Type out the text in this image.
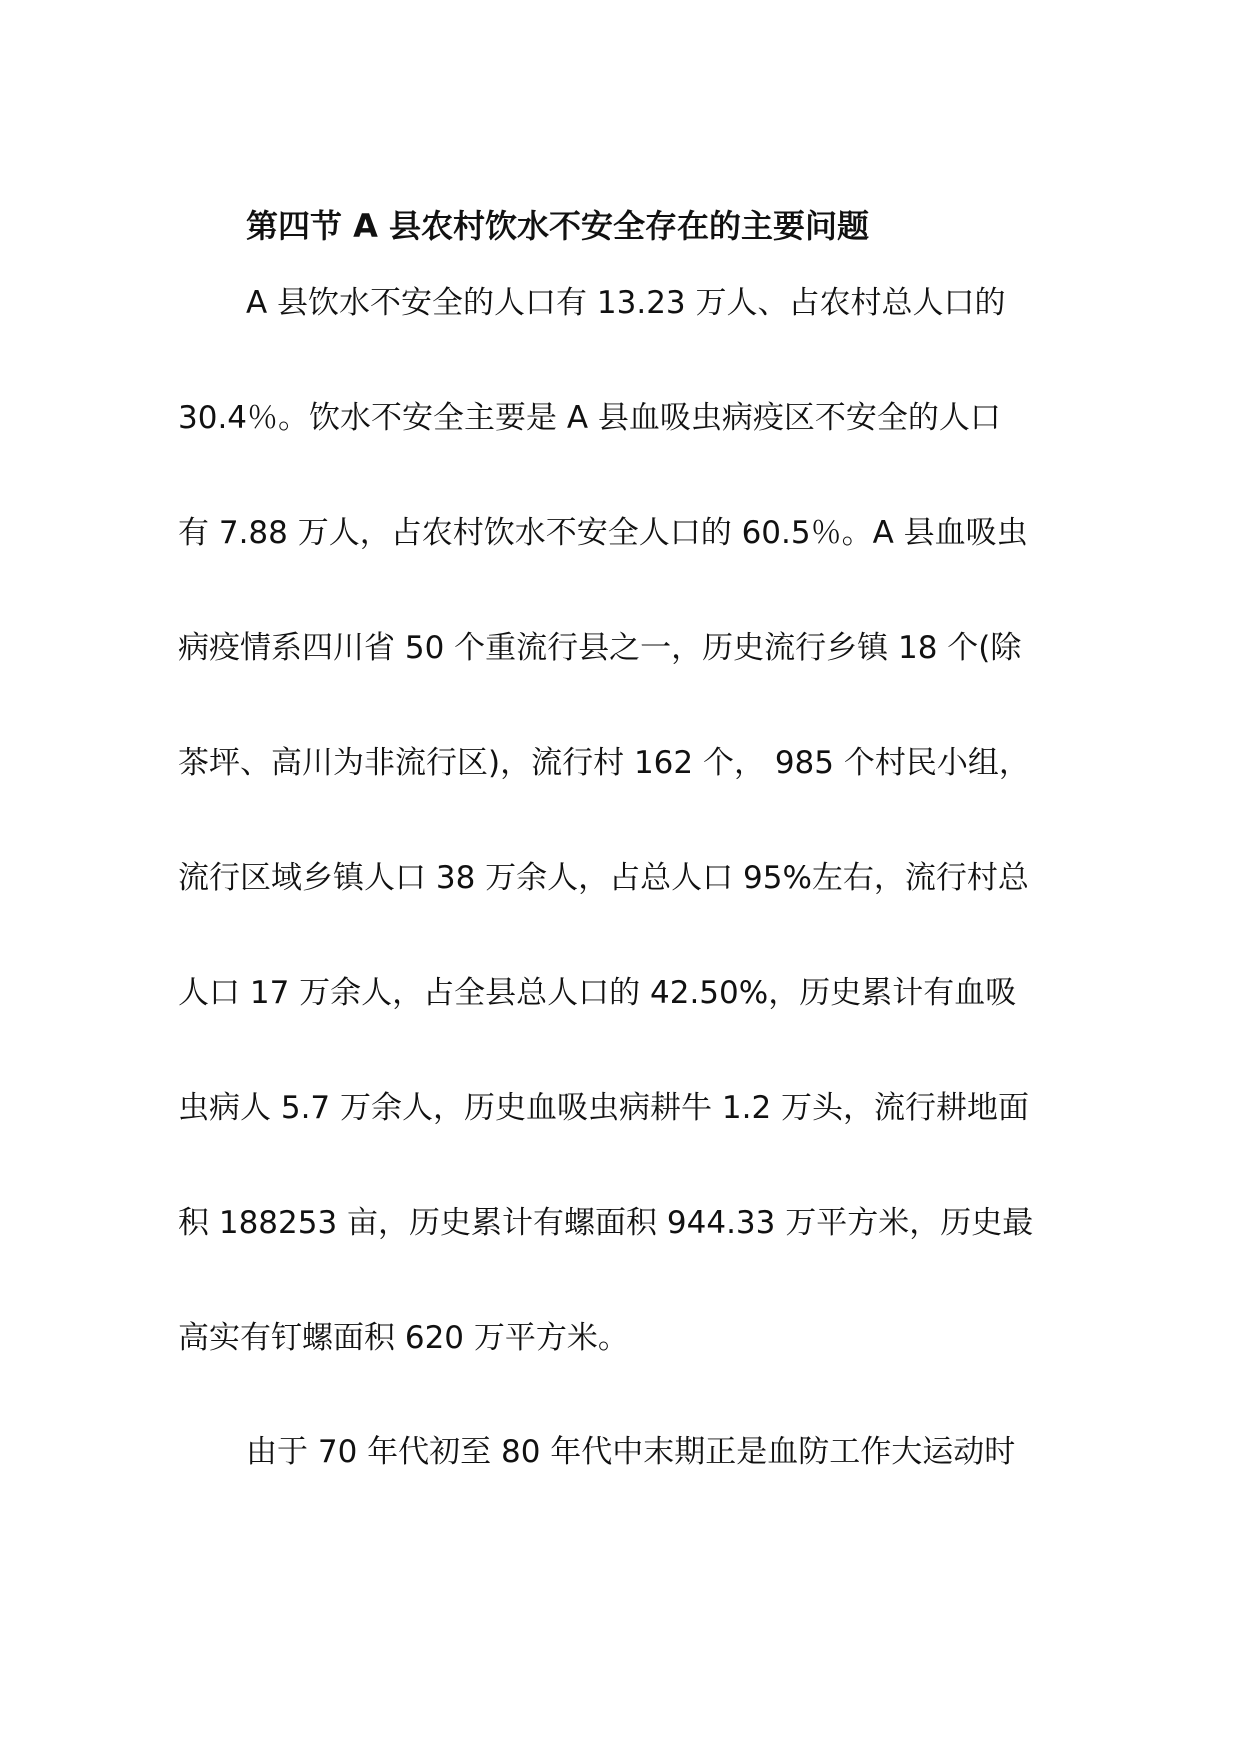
第四节 A 县农村饮水不安全存在的主要问题
A 县饮水不安全的人口有 13.23 万人、占农村总人口的
30.4％。饮水不安全主要是 A 县血吸虫病疫区不安全的人口
有 7.88 万人，占农村饮水不安全人口的 60.5％。A 县血吸虫
病疫情系四川省 50 个重流行县之一，历史流行乡镇 18 个(除
茶坪、高川为非流行区)，流行村 162 个， 985 个村民小组，
流行区域乡镇人口 38 万余人，占总人口 95%左右，流行村总
人口 17 万余人，占全县总人口的 42.50%，历史累计有血吸
虫病人 5.7 万余人，历史血吸虫病耕牛 1.2 万头，流行耕地面
积 188253 亩，历史累计有螺面积 944.33 万平方米，历史最
高实有钉螺面积 620 万平方米。
由于 70 年代初至 80 年代中末期正是血防工作大运动时
